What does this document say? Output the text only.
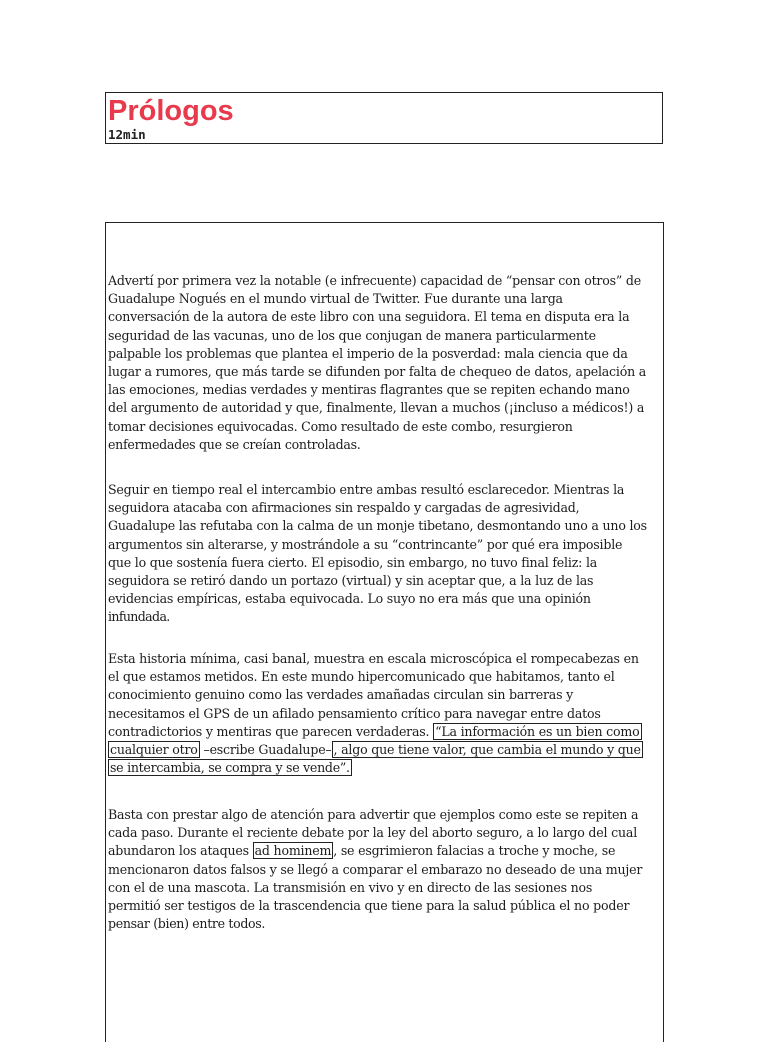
Prólogos
12min

Advertí por primera vez la notable (e infrecuente) capacidad de “pensar con otros” de
Guadalupe Nogués en el mundo virtual de Twitter. Fue durante una larga
conversación de la autora de este libro con una seguidora. El tema en disputa era la
seguridad de las vacunas, uno de los que conjugan de manera particularmente
palpable los problemas que plantea el imperio de la posverdad: mala ciencia que da
lugar a rumores, que más tarde se difunden por falta de chequeo de datos, apelación a
las emociones, medias verdades y mentiras flagrantes que se repiten echando mano
del argumento de autoridad y que, finalmente, llevan a muchos (¡incluso a médicos!) a
tomar decisiones equivocadas. Como resultado de este combo, resurgieron
enfermedades que se creían controladas.

Seguir en tiempo real el intercambio entre ambas resultó esclarecedor. Mientras la
seguidora atacaba con afirmaciones sin respaldo y cargadas de agresividad,
Guadalupe las refutaba con la calma de un monje tibetano, desmontando uno a uno los
argumentos sin alterarse, y mostrándole a su “contrincante” por qué era imposible
que lo que sostenía fuera cierto. El episodio, sin embargo, no tuvo final feliz: la
seguidora se retiró dando un portazo (virtual) y sin aceptar que, a la luz de las
evidencias empíricas, estaba equivocada. Lo suyo no era más que una opinión
infundada.

Esta historia mínima, casi banal, muestra en escala microscópica el rompecabezas en
el que estamos metidos. En este mundo hipercomunicado que habitamos, tanto el
conocimiento genuino como las verdades amañadas circulan sin barreras y
necesitamos el GPS de un afilado pensamiento crítico para navegar entre datos
contradictorios y mentiras que parecen verdaderas. “La información es un bien como
cualquier otro –escribe Guadalupe– , algo que tiene valor, que cambia el mundo y que
se intercambia, se compra y se vende”.

Basta con prestar algo de atención para advertir que ejemplos como este se repiten a
cada paso. Durante el reciente debate por la ley del aborto seguro, a lo largo del cual
abundaron los ataques ad hominem , se esgrimieron falacias a troche y moche, se
mencionaron datos falsos y se llegó a comparar el embarazo no deseado de una mujer
con el de una mascota. La transmisión en vivo y en directo de las sesiones nos
permitió ser testigos de la trascendencia que tiene para la salud pública el no poder
pensar (bien) entre todos.
